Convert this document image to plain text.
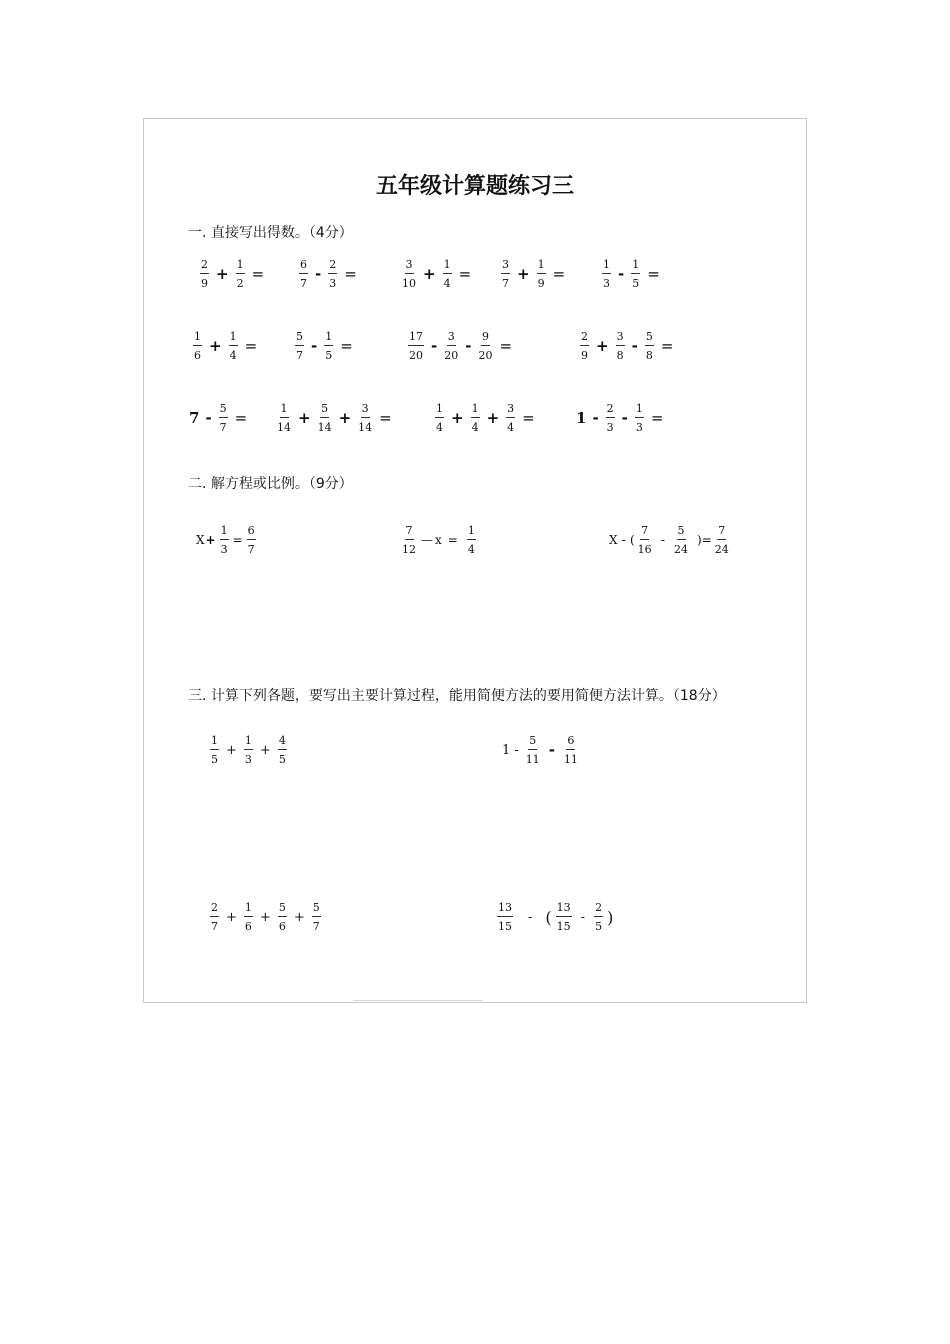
五年级计算题练习三
一. 直接写出得数。（4分）
$\frac{2}{9} + \frac{1}{2}$ =	$\frac{6}{7} - \frac{2}{3}$ =	$\frac{3}{10} + \frac{1}{4}$ =	$\frac{3}{7} + \frac{1}{9}$ =	$\frac{1}{3} - \frac{1}{5}$ =
$\frac{1}{6} + \frac{1}{4}$ =	$\frac{5}{7} - \frac{1}{5}$ =	$\frac{17}{20} - \frac{3}{20} - \frac{9}{20}$ =	$\frac{2}{9} + \frac{3}{8} - \frac{5}{8}$ =
$7 - \frac{5}{7}$ =	$\frac{1}{14} + \frac{5}{14} + \frac{3}{14}$ =	$\frac{1}{4} + \frac{1}{4} + \frac{3}{4}$ =	$1 - \frac{2}{3} - \frac{1}{3}$ =
二. 解方程或比例。（9分）
$X + \frac{1}{3} = \frac{6}{7}$	$\frac{7}{12}$ — $x = \frac{1}{4}$	X - ( $\frac{7}{16} - \frac{5}{24}$ ) = $\frac{7}{24}$
三. 计算下列各题，要写出主要计算过程，能用简便方法的要用简便方法计算。（18分）
$\frac{1}{5} + \frac{1}{3} + \frac{4}{5}$	$1 - \frac{5}{11} - \frac{6}{11}$
$\frac{2}{7} + \frac{1}{6} + \frac{5}{6} + \frac{5}{7}$	$\frac{13}{15}$ - ( $\frac{13}{15} - \frac{2}{5}$ )
